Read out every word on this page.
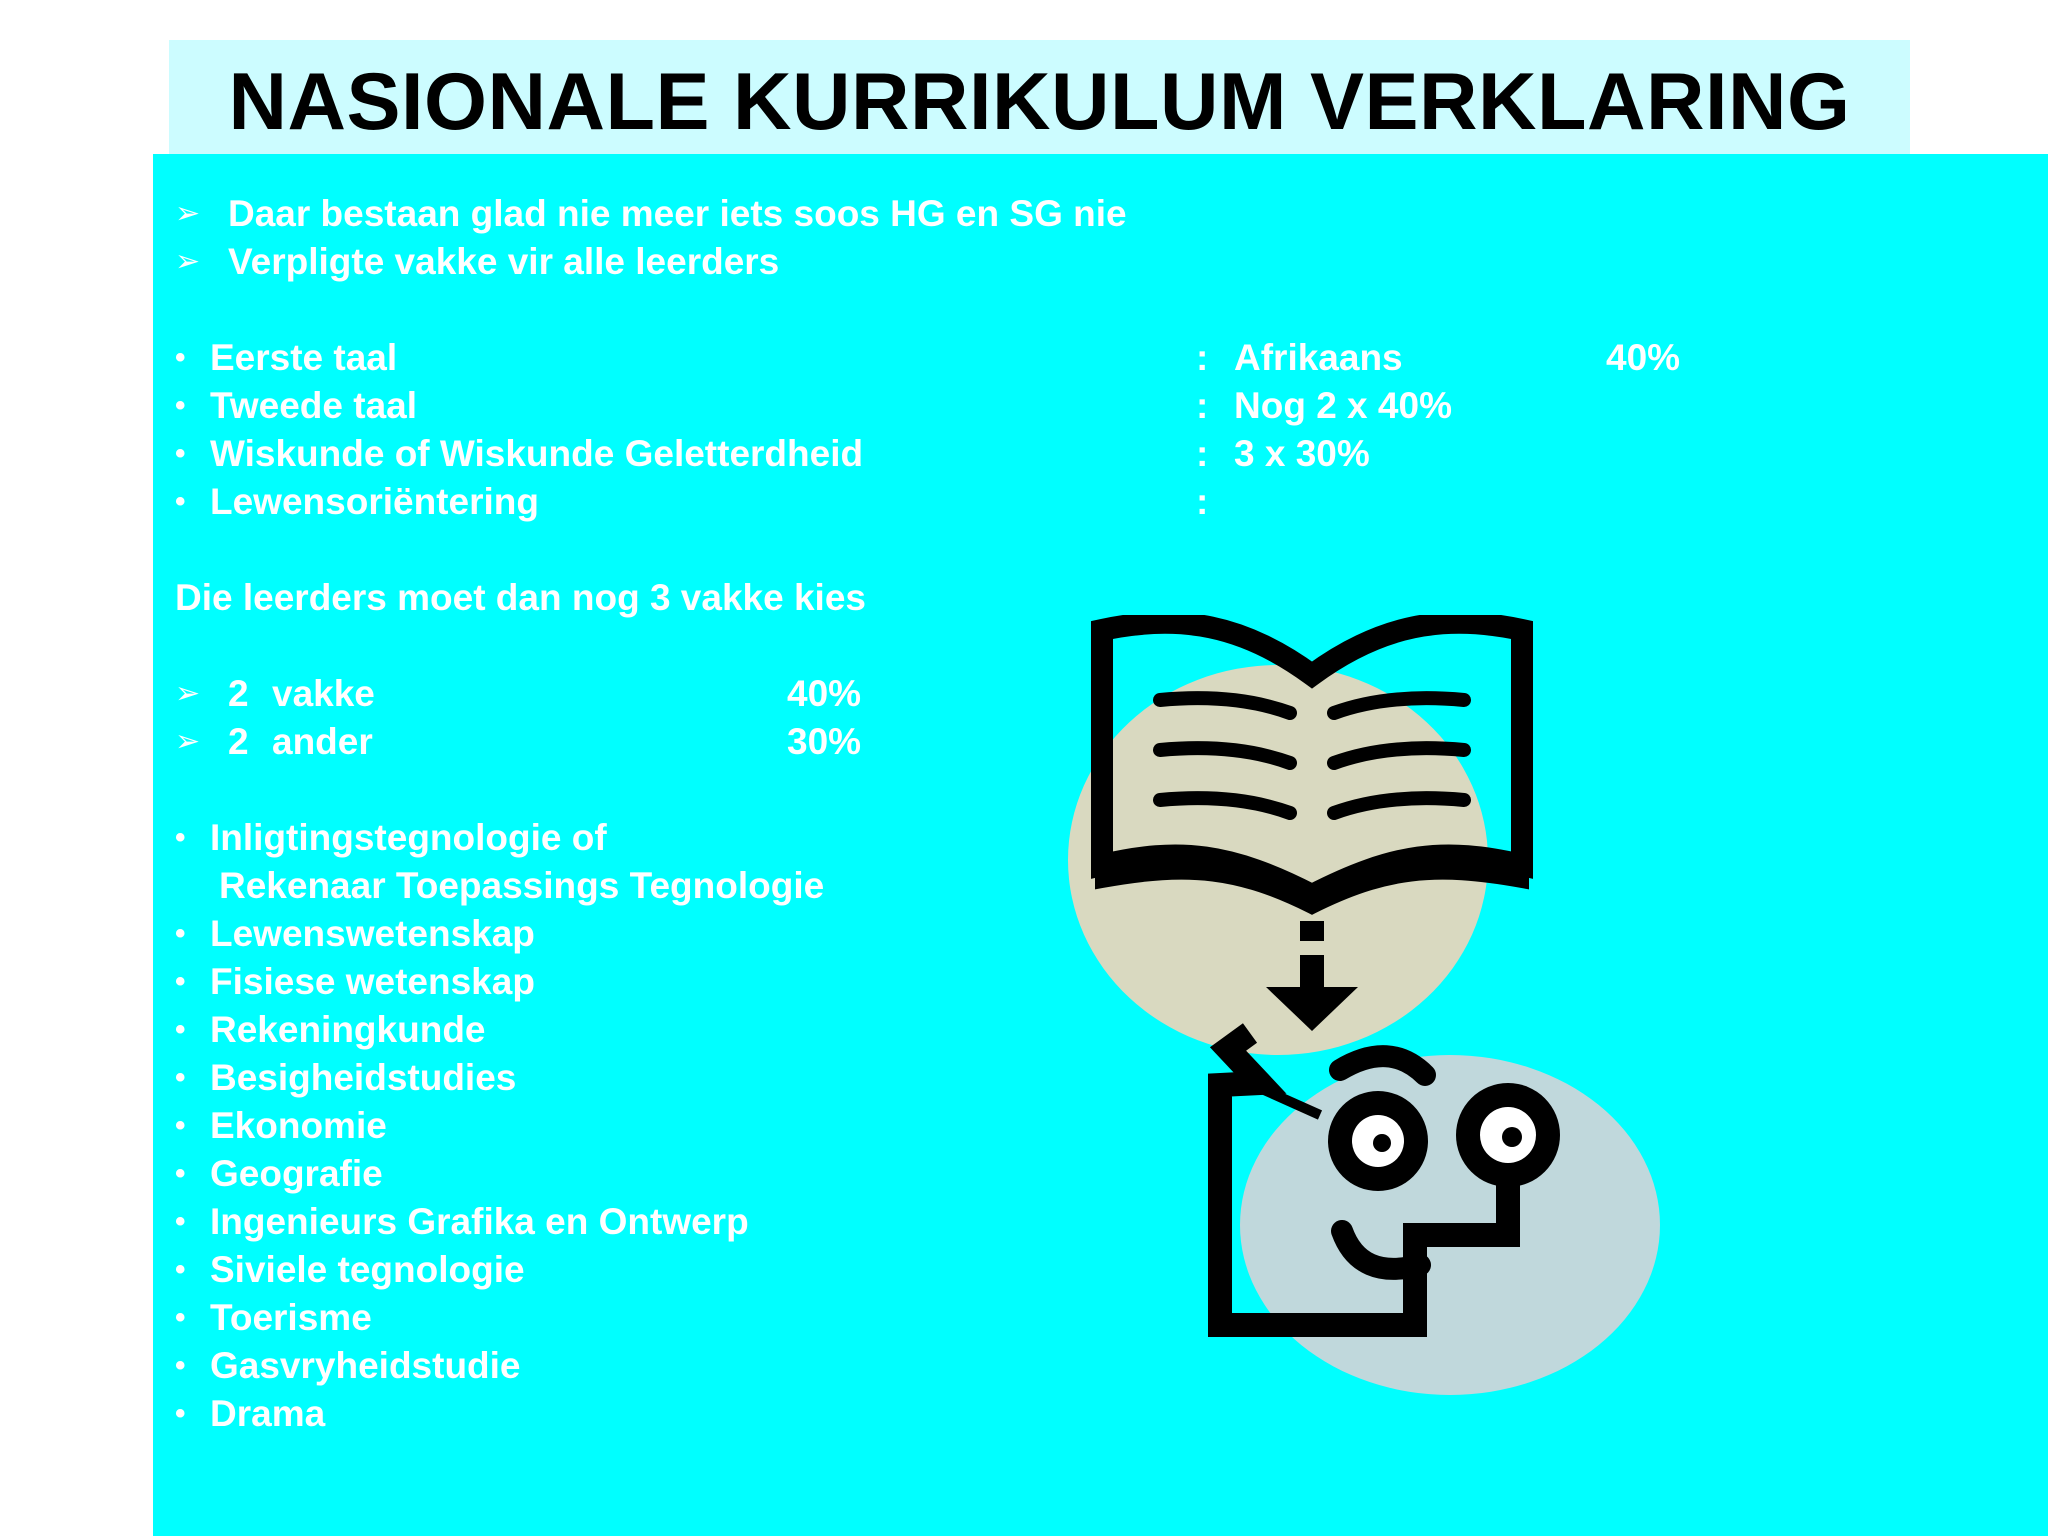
NASIONALE KURRIKULUM VERKLARING
➢ Daar bestaan glad nie meer iets soos HG en SG nie
➢ Verpligte vakke vir alle leerders
• Eerste taal	: Afrikaans	40%
• Tweede taal	: Nog 2 x 40%
• Wiskunde of Wiskunde Geletterdheid	: 3 x 30%
• Lewensoriëntering	:
Die leerders moet dan nog 3 vakke kies
➢ 2 vakke	40%
➢ 2 ander	30%
• Inligtingstegnologie of
Rekenaar Toepassings Tegnologie
• Lewenswetenskap
• Fisiese wetenskap
• Rekeningkunde
• Besigheidstudies
• Ekonomie
• Geografie
• Ingenieurs Grafika en Ontwerp
• Siviele tegnologie
• Toerisme
• Gasvryheidstudie
• Drama
